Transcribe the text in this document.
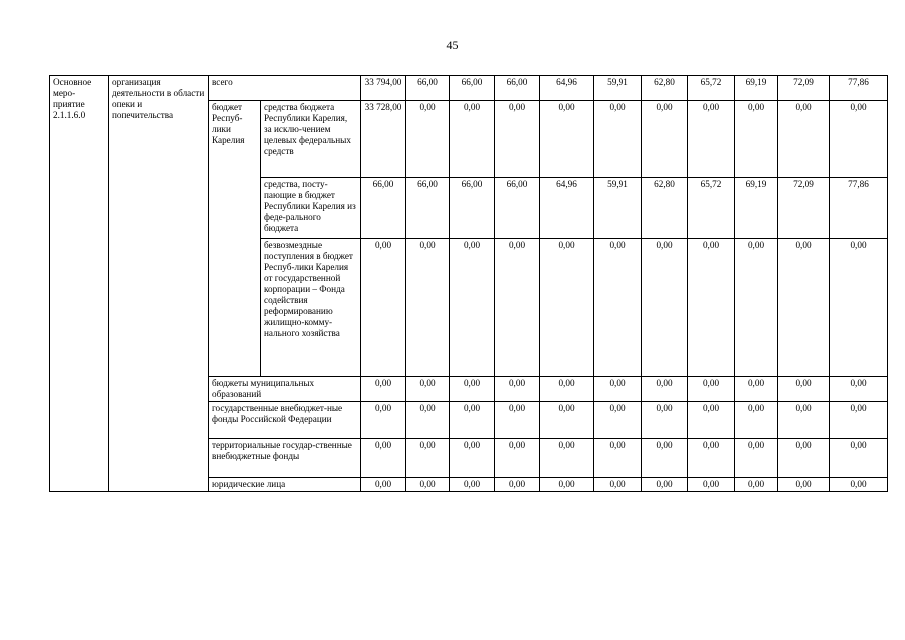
45
Основное меро-приятие 2.1.1.6.0	организация деятельности в области опеки и попечительства	всего		33 794,00	66,00	66,00	66,00	64,96	59,91	62,80	65,72	69,19	72,09	77,86
		бюджет Респуб-лики Карелия	средства бюджета Республики Карелия, за исклю-чением целевых федеральных средств	33 728,00	0,00	0,00	0,00	0,00	0,00	0,00	0,00	0,00	0,00	0,00
			средства, посту-пающие в бюджет Республики Карелия из феде-рального бюджета	66,00	66,00	66,00	66,00	64,96	59,91	62,80	65,72	69,19	72,09	77,86
			безвозмездные поступления в бюджет Респуб-лики Карелия от государственной корпорации – Фонда содействия реформированию жилищно-комму-нального хозяйства	0,00	0,00	0,00	0,00	0,00	0,00	0,00	0,00	0,00	0,00	0,00
		бюджеты муниципальных образований		0,00	0,00	0,00	0,00	0,00	0,00	0,00	0,00	0,00	0,00	0,00
		государственные внебюджет-ные фонды Российской Федерации		0,00	0,00	0,00	0,00	0,00	0,00	0,00	0,00	0,00	0,00	0,00
		территориальные государ-ственные внебюджетные фонды		0,00	0,00	0,00	0,00	0,00	0,00	0,00	0,00	0,00	0,00	0,00
		юридические лица		0,00	0,00	0,00	0,00	0,00	0,00	0,00	0,00	0,00	0,00	0,00
